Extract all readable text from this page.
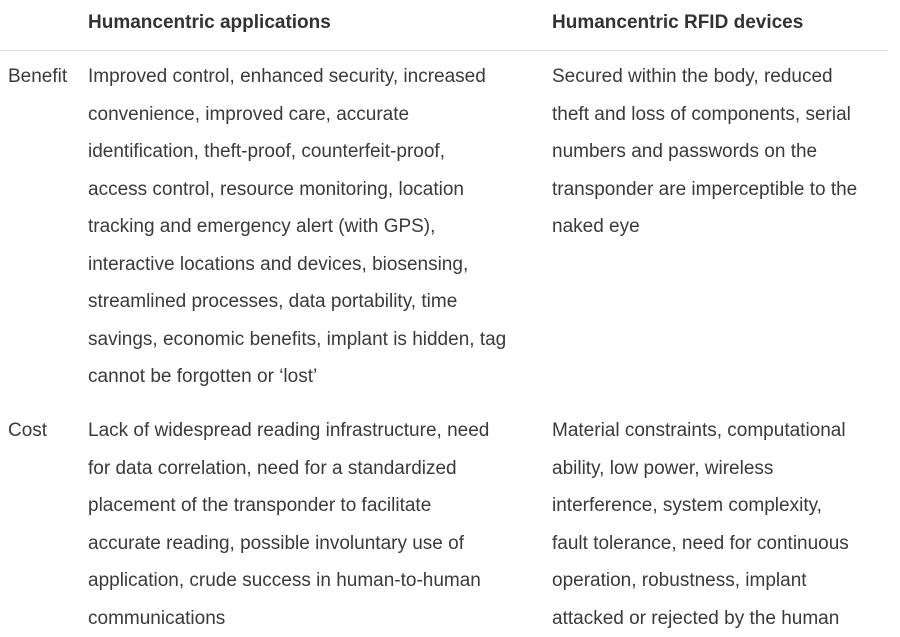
Humancentric applications	Humancentric RFID devices
Benefit Improved control, enhanced security, increased
convenience, improved care, accurate
identification, theft-proof, counterfeit-proof,
access control, resource monitoring, location
tracking and emergency alert (with GPS),
interactive locations and devices, biosensing,
streamlined processes, data portability, time
savings, economic benefits, implant is hidden, tag
cannot be forgotten or ‘lost’
Secured within the body, reduced
theft and loss of components, serial
numbers and passwords on the
transponder are imperceptible to the
naked eye
Cost Lack of widespread reading infrastructure, need
for data correlation, need for a standardized
placement of the transponder to facilitate
accurate reading, possible involuntary use of
application, crude success in human-to-human
communications
Material constraints, computational
ability, low power, wireless
interference, system complexity,
fault tolerance, need for continuous
operation, robustness, implant
attacked or rejected by the human
